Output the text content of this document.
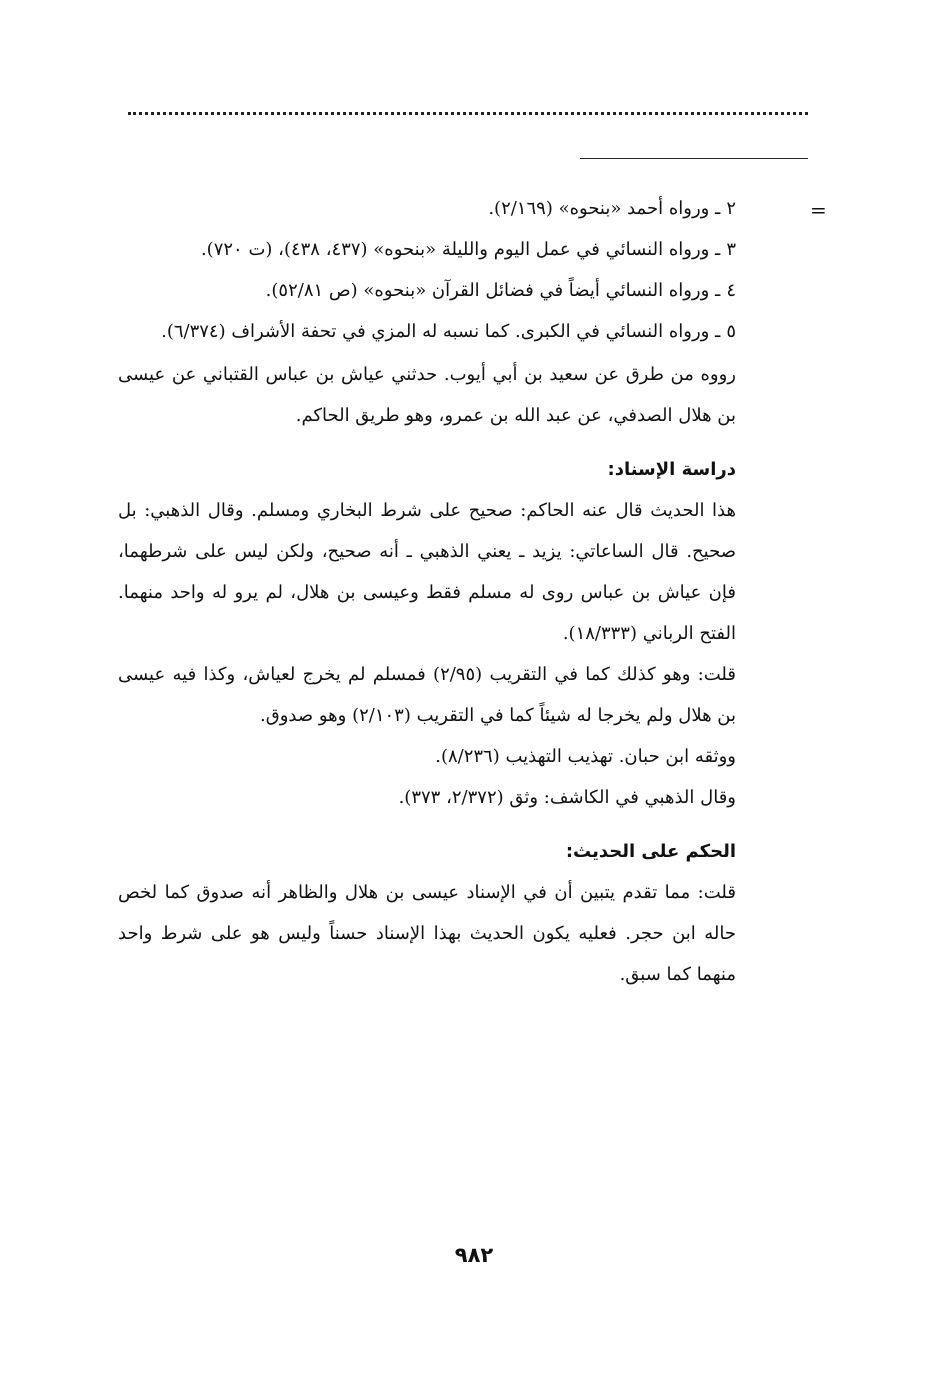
=

٢ـ ورواه أحمد «بنحوه» (٢/١٦٩).

٣ـ ورواه النسائي في عمل اليوم والليلة «بنحوه» (٤٣٧، ٤٣٨)، (ت ٧٢٠).

٤ـ ورواه النسائي أيضاً في فضائل القرآن «بنحوه» (ص ٥٢/٨١).

٥ـ ورواه النسائي في الكبرى. كما نسبه له المزي في تحفة الأشراف (٦/٣٧٤).

رووه من طرق عن سعيد بن أبي أيوب. حدثني عياش بن عباس القتباني عن عيسى بن هلال الصدفي، عن عبد الله بن عمرو، وهو طريق الحاكم.

دراسة الإسناد:

هذا الحديث قال عنه الحاكم: صحيح على شرط البخاري ومسلم. وقال الذهبي: بل صحيح. قال الساعاتي: يزيد ـ يعني الذهبي ـ أنه صحيح، ولكن ليس على شرطهما، فإن عياش بن عباس روى له مسلم فقط وعيسى بن هلال، لم يرو له واحد منهما. الفتح الرباني (١٨/٣٣٣).

قلت: وهو كذلك كما في التقريب (٢/٩٥) فمسلم لم يخرج لعياش، وكذا فيه عيسى بن هلال ولم يخرجا له شيئاً كما في التقريب (٢/١٠٣) وهو صدوق.

ووثقه ابن حبان. تهذيب التهذيب (٨/٢٣٦).

وقال الذهبي في الكاشف: وثق (٢/٣٧٢، ٣٧٣).

الحكم على الحديث:

قلت: مما تقدم يتبين أن في الإسناد عيسى بن هلال والظاهر أنه صدوق كما لخص حاله ابن حجر. فعليه يكون الحديث بهذا الإسناد حسناً وليس هو على شرط واحد منهما كما سبق.

٩٨٢
